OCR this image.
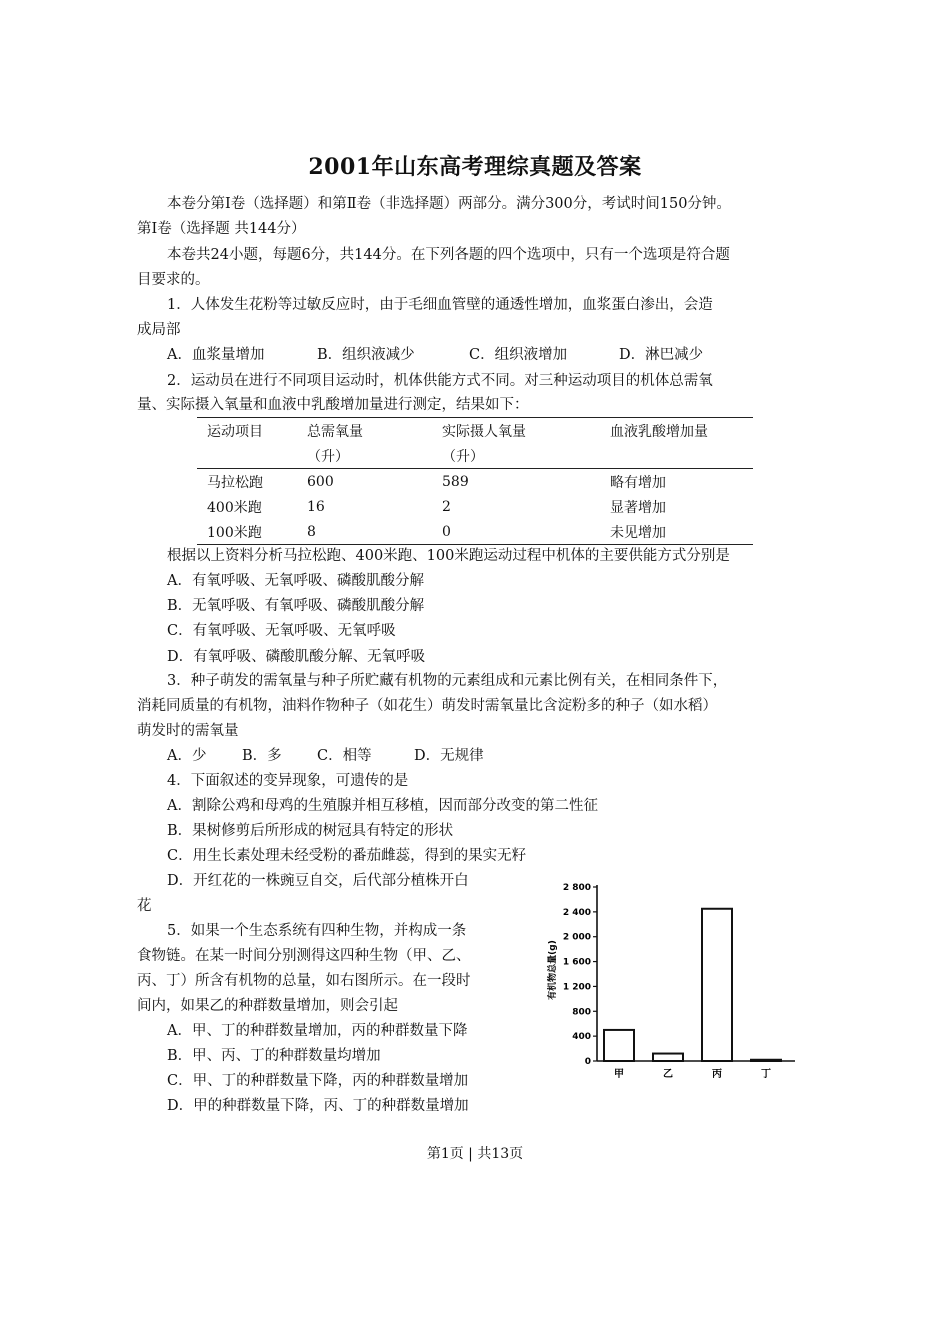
2001年山东高考理综真题及答案
本卷分第Ⅰ卷（选择题）和第Ⅱ卷（非选择题）两部分。满分300分，考试时间150分钟。
第Ⅰ卷（选择题 共144分）
本卷共24小题，每题6分，共144分。在下列各题的四个选项中，只有一个选项是符合题
目要求的。
1．人体发生花粉等过敏反应时，由于毛细血管壁的通透性增加，血浆蛋白渗出，会造
成局部
A．血浆量增加	B．组织液减少	C．组织液增加	D．淋巴减少
2．运动员在进行不同项目运动时，机体供能方式不同。对三种运动项目的机体总需氧
量、实际摄入氧量和血液中乳酸增加量进行测定，结果如下：
运动项目	总需氧量	实际摄人氧量	血液乳酸增加量
	（升）	（升）	
马拉松跑	600	589	略有增加
400米跑	16	2	显著增加
100米跑	8	0	未见增加
根据以上资料分析马拉松跑、400米跑、100米跑运动过程中机体的主要供能方式分别是
A．有氧呼吸、无氧呼吸、磷酸肌酸分解
B．无氧呼吸、有氧呼吸、磷酸肌酸分解
C．有氧呼吸、无氧呼吸、无氧呼吸
D．有氧呼吸、磷酸肌酸分解、无氧呼吸
3．种子萌发的需氧量与种子所贮藏有机物的元素组成和元素比例有关，在相同条件下，
消耗同质量的有机物，油料作物种子（如花生）萌发时需氧量比含淀粉多的种子（如水稻）
萌发时的需氧量
A．少 B．多 C．相等	D．无规律
4．下面叙述的变异现象，可遗传的是
A．割除公鸡和母鸡的生殖腺并相互移植，因而部分改变的第二性征
B．果树修剪后所形成的树冠具有特定的形状
C．用生长素处理未经受粉的番茄雌蕊，得到的果实无籽
D．开红花的一株豌豆自交，后代部分植株开白
花
5．如果一个生态系统有四种生物，并构成一条
食物链。在某一时间分别测得这四种生物（甲、乙、
丙、丁）所含有机物的总量，如右图所示。在一段时
间内，如果乙的种群数量增加，则会引起
A．甲、丁的种群数量增加，丙的种群数量下降
B．甲、丙、丁的种群数量均增加
C．甲、丁的种群数量下降，丙的种群数量增加
D．甲的种群数量下降，丙、丁的种群数量增加
0
400
800
1 200
1 600
2 000
2 400
2 800
甲	乙	丙	丁
有机物总量(g)
第1页 | 共13页
